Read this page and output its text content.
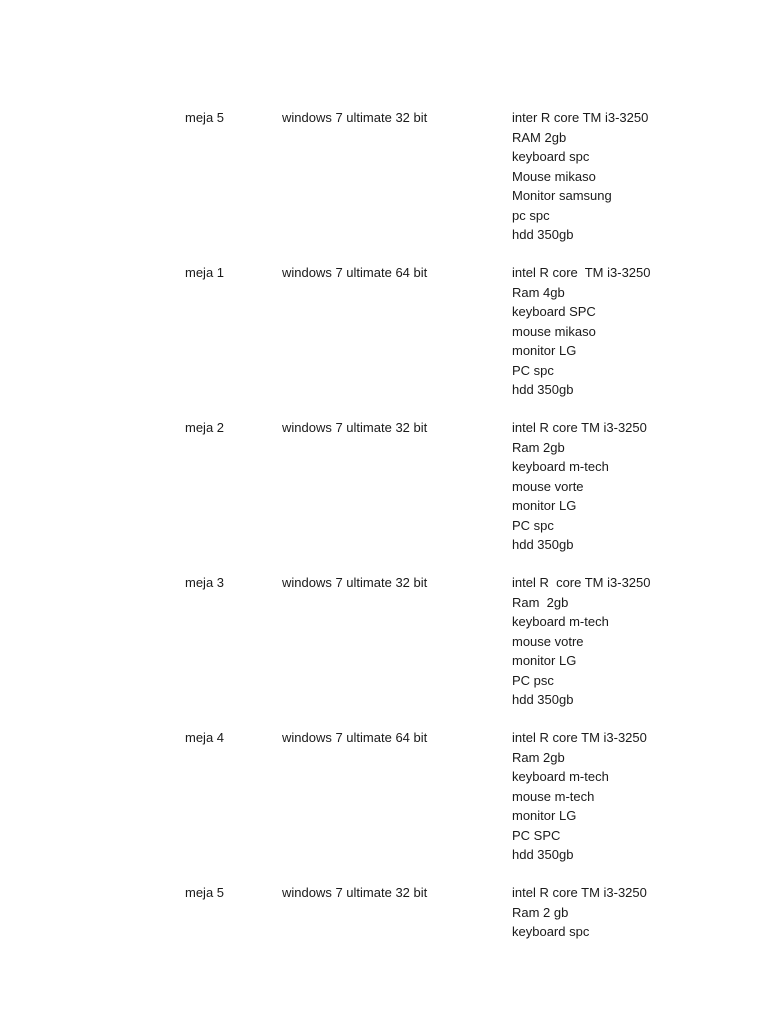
meja 5	windows 7 ultimate 32 bit	inter R core TM i3-3250
RAM 2gb
keyboard spc
Mouse mikaso
Monitor samsung
pc spc
hdd 350gb
meja 1	windows 7 ultimate 64 bit	intel R core  TM i3-3250
Ram 4gb
keyboard SPC
mouse mikaso
monitor LG
PC spc
hdd 350gb
meja 2	windows 7 ultimate 32 bit	intel R core TM i3-3250
Ram 2gb
keyboard m-tech
mouse vorte
monitor LG
PC spc
hdd 350gb
meja 3	windows 7 ultimate 32 bit	intel R  core TM i3-3250
Ram  2gb
keyboard m-tech
mouse votre
monitor LG
PC psc
hdd 350gb
meja 4	windows 7 ultimate 64 bit	intel R core TM i3-3250
Ram 2gb
keyboard m-tech
mouse m-tech
monitor LG
PC SPC
hdd 350gb
meja 5	windows 7 ultimate 32 bit	intel R core TM i3-3250
Ram 2 gb
keyboard spc
